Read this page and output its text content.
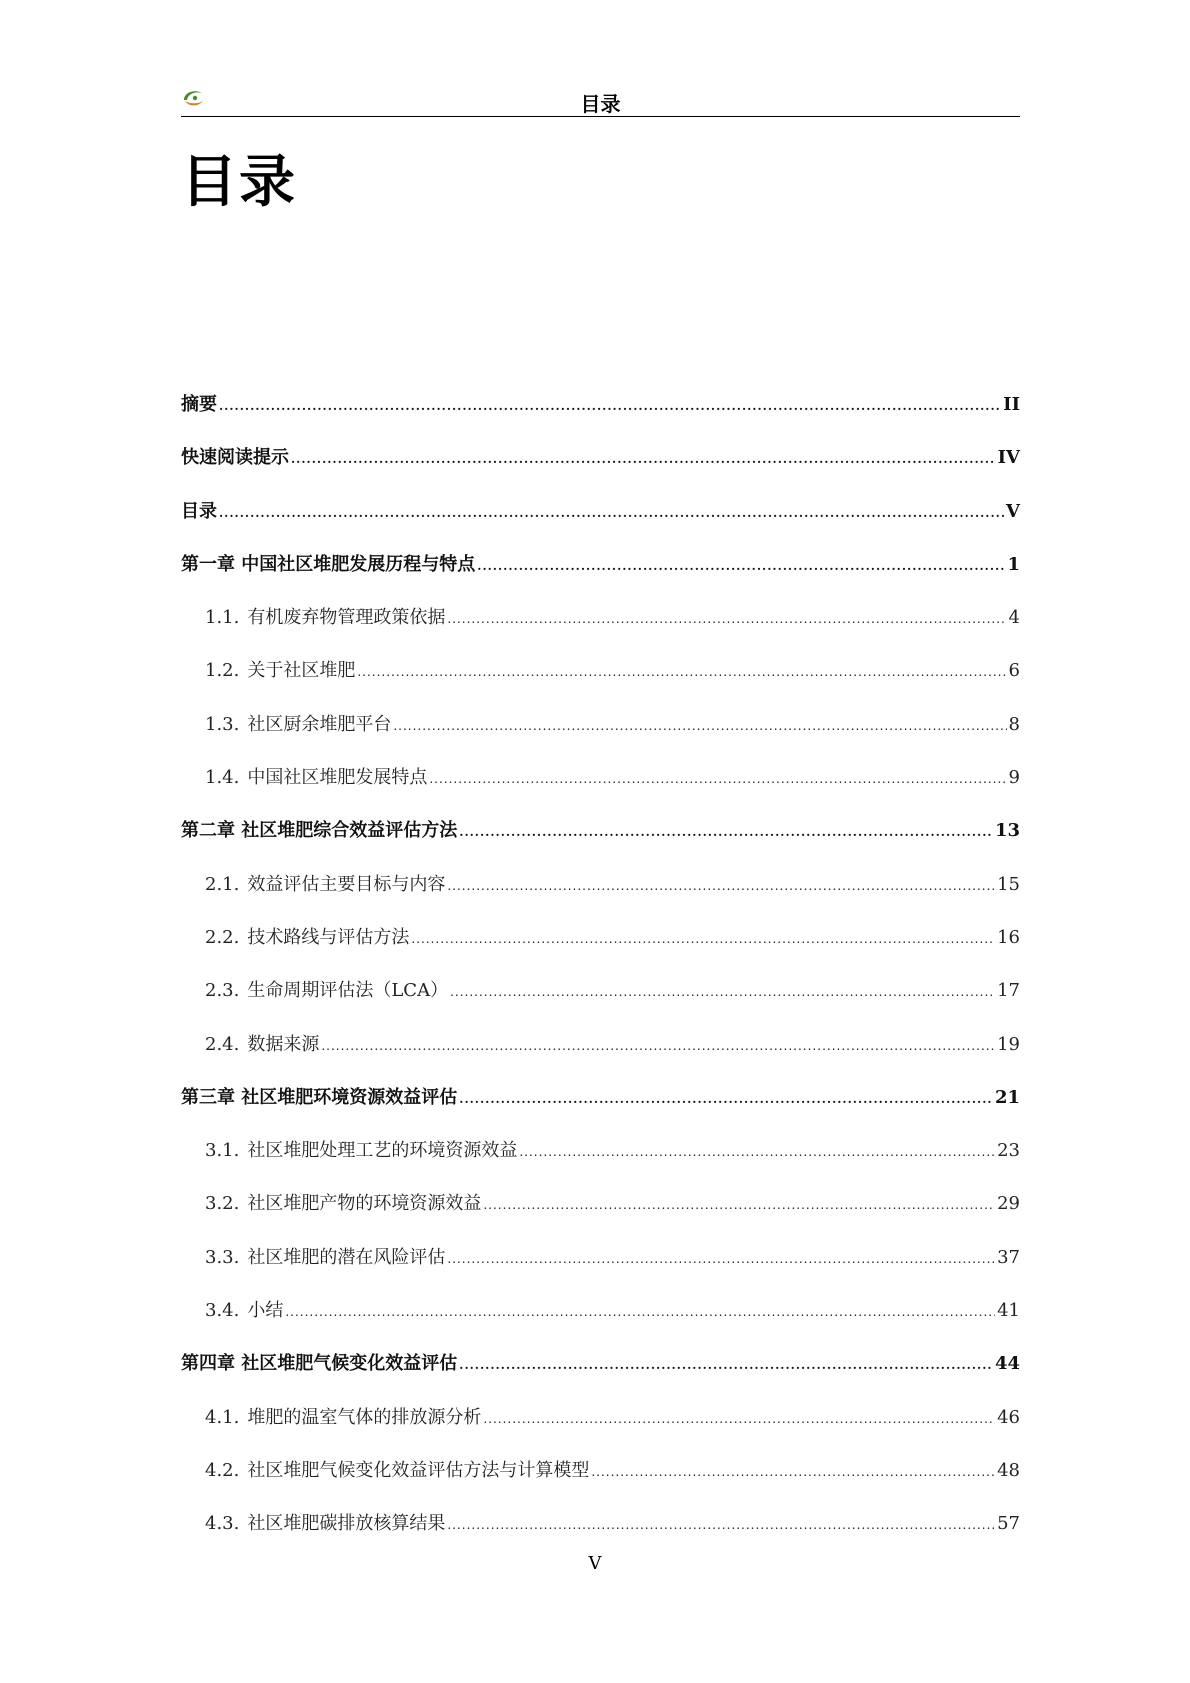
目录
目录
摘要 .....	II
快速阅读提示 .....	IV
目录 .....	V
第一章 中国社区堆肥发展历程与特点 .....	1
1.1. 有机废弃物管理政策依据 .....	4
1.2. 关于社区堆肥 .....	6
1.3. 社区厨余堆肥平台 .....	8
1.4. 中国社区堆肥发展特点 .....	9
第二章 社区堆肥综合效益评估方法 .....	13
2.1. 效益评估主要目标与内容 .....	15
2.2. 技术路线与评估方法 .....	16
2.3. 生命周期评估法（LCA） .....	17
2.4. 数据来源 .....	19
第三章 社区堆肥环境资源效益评估 .....	21
3.1. 社区堆肥处理工艺的环境资源效益 .....	23
3.2. 社区堆肥产物的环境资源效益 .....	29
3.3. 社区堆肥的潜在风险评估 .....	37
3.4. 小结 .....	41
第四章 社区堆肥气候变化效益评估 .....	44
4.1. 堆肥的温室气体的排放源分析 .....	46
4.2. 社区堆肥气候变化效益评估方法与计算模型 .....	48
4.3. 社区堆肥碳排放核算结果 .....	57
V
